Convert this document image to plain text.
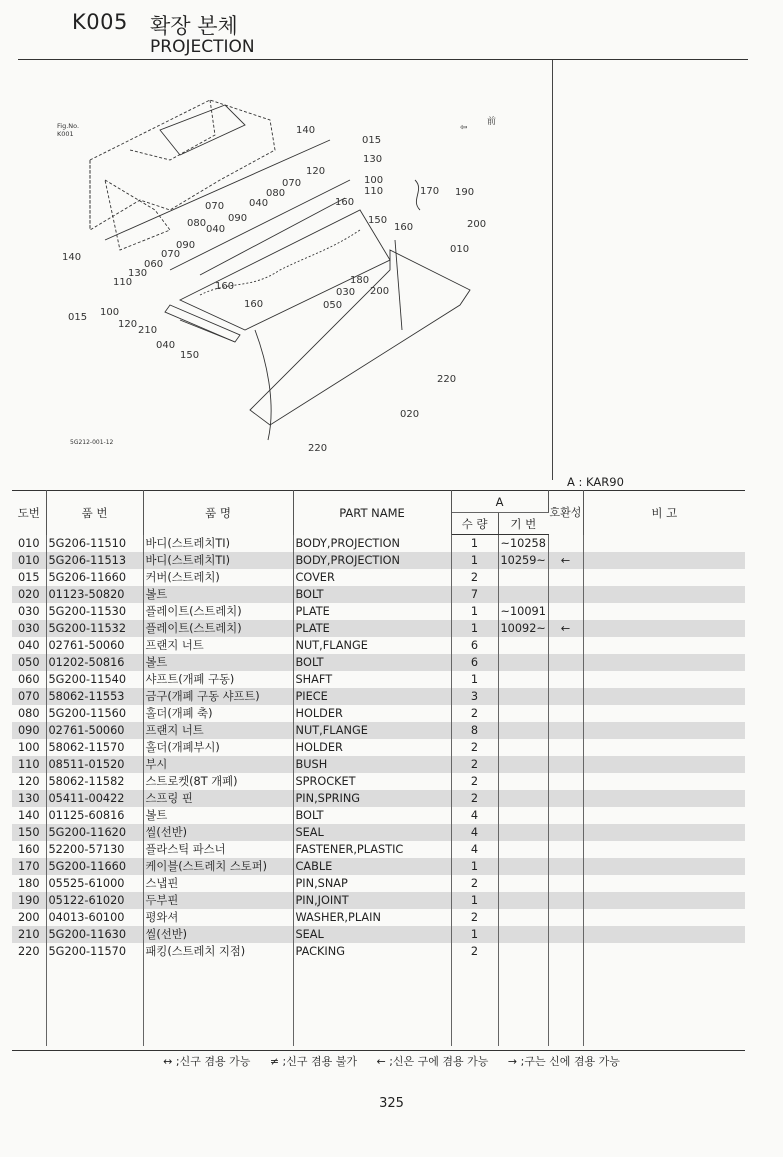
K005 확장 본체
PROJECTION
Fig.No.
K001
⇦
前
140
015
130
120
100
110
070
080
040
070
090
170 190
200
160
150
160
010
080
040
090
070
060
140
130
110	180
200
030
050
160
160
015 100
120
210
040
150
220
020
220
5G212-001-12
A : KAR90
도번	품 번	품 명	PART NAME	A		호환성	비 고
				수 량	기 번		
010	5G206-11510	바디(스트레치TI)	BODY,PROJECTION	1	~10258		
010	5G206-11513	바디(스트레치TI)	BODY,PROJECTION	1	10259~	←	
015	5G206-11660	커버(스트레치)	COVER	2			
020	01123-50820	볼트	BOLT	7			
030	5G200-11530	플레이트(스트레치)	PLATE	1	~10091		
030	5G200-11532	플레이트(스트레치)	PLATE	1	10092~	←	
040	02761-50060	프랜지 너트	NUT,FLANGE	6			
050	01202-50816	볼트	BOLT	6			
060	5G200-11540	샤프트(개폐 구동)	SHAFT	1			
070	58062-11553	금구(개폐 구동 샤프트)	PIECE	3			
080	5G200-11560	홀더(개폐 축)	HOLDER	2			
090	02761-50060	프랜지 너트	NUT,FLANGE	8			
100	58062-11570	홀더(개폐부시)	HOLDER	2			
110	08511-01520	부시	BUSH	2			
120	58062-11582	스트로켓(8T 개폐)	SPROCKET	2			
130	05411-00422	스프링 핀	PIN,SPRING	2			
140	01125-60816	볼트	BOLT	4			
150	5G200-11620	씰(선반)	SEAL	4			
160	52200-57130	플라스틱 파스너	FASTENER,PLASTIC	4			
170	5G200-11660	케이블(스트레치 스토퍼)	CABLE	1			
180	05525-61000	스냅핀	PIN,SNAP	2			
190	05122-61020	두부핀	PIN,JOINT	1			
200	04013-60100	평와셔	WASHER,PLAIN	2			
210	5G200-11630	씰(선반)	SEAL	1			
220	5G200-11570	패킹(스트레치 지점)	PACKING	2			

↔ ;신구 겸용 가능 ≠ ;신구 겸용 불가 ← ;신은 구에 겸용 가능 → ;구는 신에 겸용 가능
325
